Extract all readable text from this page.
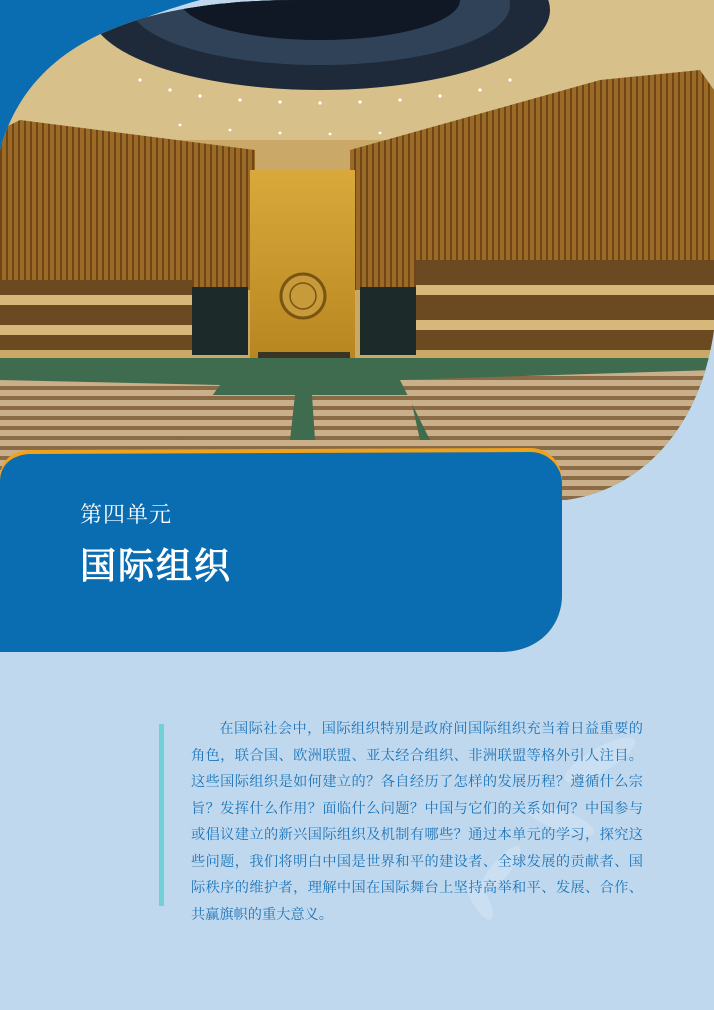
第四单元
国际组织

在国际社会中，国际组织特别是政府间国际组织充当着日益重要的角色，联合国、欧洲联盟、亚太经合组织、非洲联盟等格外引人注目。这些国际组织是如何建立的？各自经历了怎样的发展历程？遵循什么宗旨？发挥什么作用？面临什么问题？中国与它们的关系如何？中国参与或倡议建立的新兴国际组织及机制有哪些？通过本单元的学习，探究这些问题，我们将明白中国是世界和平的建设者、全球发展的贡献者、国际秩序的维护者，理解中国在国际舞台上坚持高举和平、发展、合作、共赢旗帜的重大意义。
